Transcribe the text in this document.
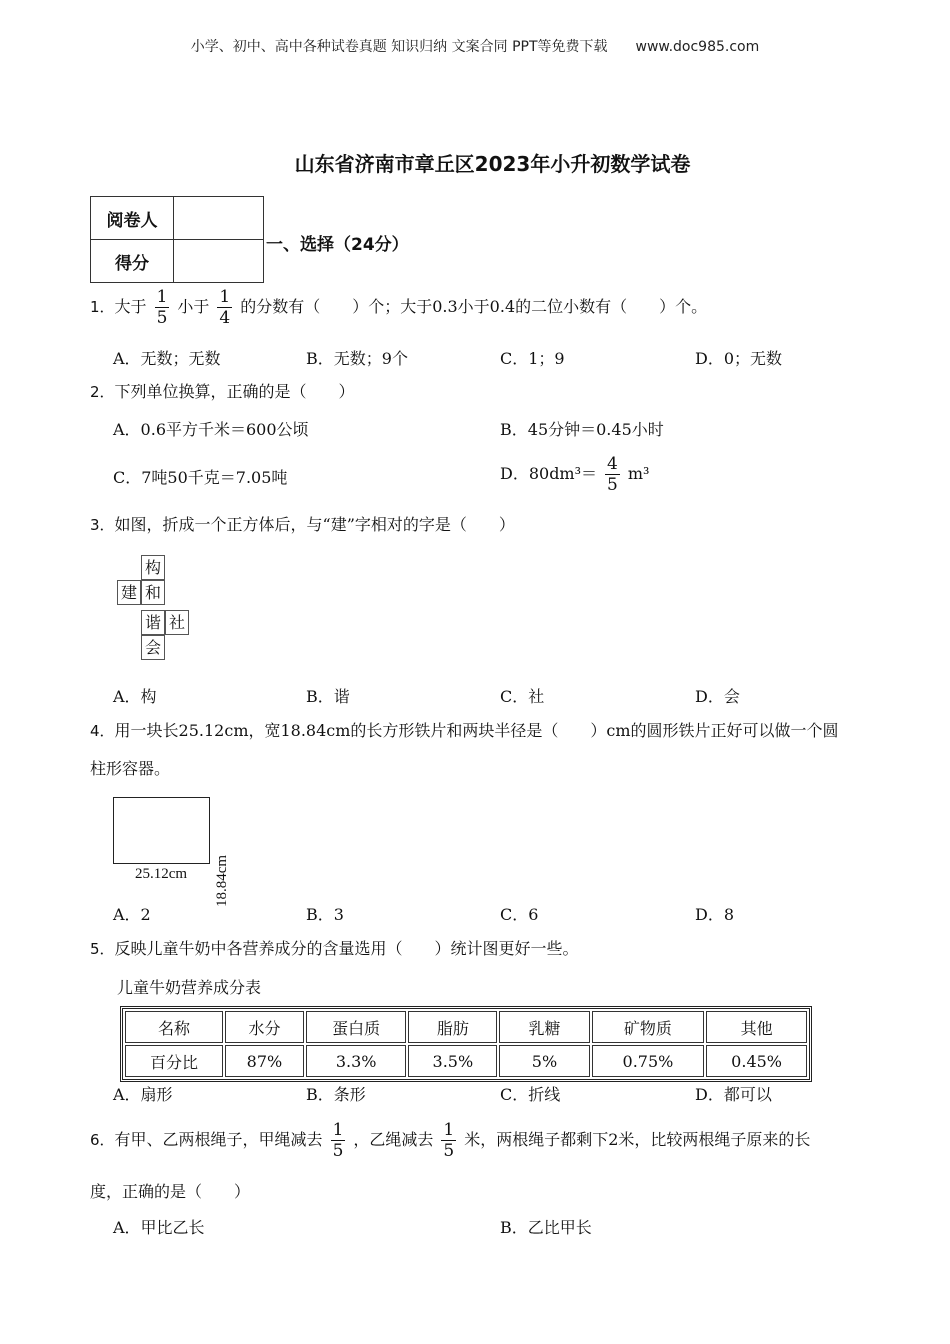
小学、初中、高中各种试卷真题 知识归纳 文案合同 PPT等免费下载 www.doc985.com
山东省济南市章丘区2023年小升初数学试卷
阅卷人	
得分	
一、选择（24分）
1．大于 $\frac{1}{5}$ 小于 $\frac{1}{4}$ 的分数有（　　）个；大于0.3小于0.4的二位小数有（　　）个。
A．无数；无数	B．无数；9个	C．1；9	D．0；无数
2．下列单位换算，正确的是（　　）
A．0.6平方千米＝600公顷	B．45分钟＝0.45小时
C．7吨50千克＝7.05吨	D．$80dm^3= \frac{4}{5} m^3$
3．如图，折成一个正方体后，与“建”字相对的字是（　　）
构
建 和
谐 社
会
A．构	B．谐	C．社	D．会
4．用一块长25.12cm，宽18.84cm的长方形铁片和两块半径是（　　）cm的圆形铁片正好可以做一个圆
柱形容器。
25.12cm 18.84cm
A．2	B．3	C．6	D．8
5．反映儿童牛奶中各营养成分的含量选用（　　）统计图更好一些。
儿童牛奶营养成分表
名称	水分	蛋白质	脂肪	乳糖	矿物质	其他
百分比	87%	3.3%	3.5%	5%	0.75%	0.45%
A．扇形	B．条形	C．折线	D．都可以
6．有甲、乙两根绳子，甲绳减去 $\frac{1}{5}$ ，乙绳减去 $\frac{1}{5}$ 米，两根绳子都剩下2米，比较两根绳子原来的长
度，正确的是（　　）
A．甲比乙长	B．乙比甲长
